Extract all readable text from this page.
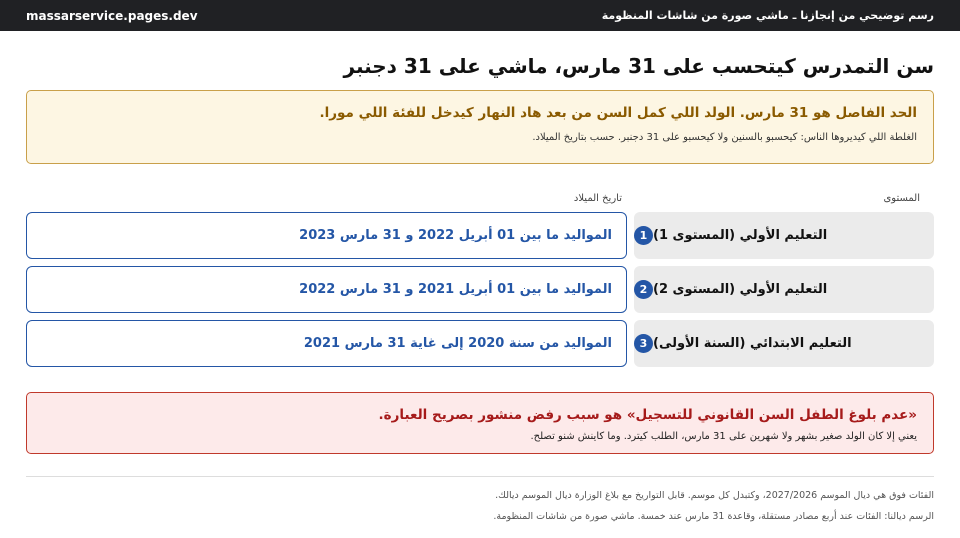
massarservice.pages.dev	رسم توضيحي من إنجازنا ـ ماشي صورة من شاشات المنظومة
سن التمدرس كيتحسب على 31 مارس، ماشي على 31 دجنبر
الحد الفاصل هو 31 مارس. الولد اللي كمل السن من بعد هاد النهار كيدخل للفئة اللي مورا.
الغلطة اللي كيديروها الناس: كيحسبو بالسنين ولا كيحسبو على 31 دجنبر. حسب بتاريخ الميلاد.
المستوى
تاريخ الميلاد
1 التعليم الأولي (المستوى 1)
المواليد ما بين 01 أبريل 2022 و 31 مارس 2023
2 التعليم الأولي (المستوى 2)
المواليد ما بين 01 أبريل 2021 و 31 مارس 2022
3 التعليم الابتدائي (السنة الأولى)
المواليد من سنة 2020 إلى غاية 31 مارس 2021
«عدم بلوغ الطفل السن القانوني للتسجيل» هو سبب رفض منشور بصريح العبارة.
يعني إلا كان الولد صغير بشهر ولا شهرين على 31 مارس، الطلب كيترد. وما كاينش شنو تصلح.
الفئات فوق هي ديال الموسم 2027/2026، وكتبدل كل موسم. قابل التواريخ مع بلاغ الوزارة ديال الموسم ديالك.
الرسم ديالنا: الفئات عند أربع مصادر مستقلة، وقاعدة 31 مارس عند خمسة. ماشي صورة من شاشات المنظومة.
